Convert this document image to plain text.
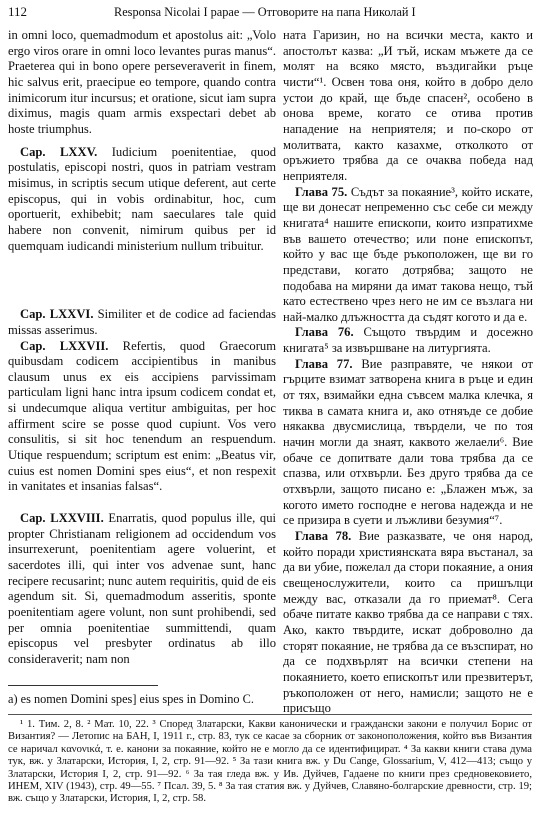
112	Responsa Nicolai I papae — Отговорите на папа Николай I

in omni loco, quemadmodum et apostolus ait: „Volo ergo viros orare in omni loco levantes puras manus“. Praeterea qui in bono opere perseveraverit in finem, hic salvus erit, praecipue eo tempore, quando contra inimicorum itur incursus; et oratione, sicut iam supra diximus, magis quam armis exspectari debet ab hoste triumphus.

Cap. LXXV. Iudicium poenitentiae, quod postulatis, episcopi nostri, quos in patriam vestram misimus, in scriptis secum utique deferent, aut certe episcopus, qui in vobis ordinabitur, hoc, cum oportuerit, exhibebit; nam saeculares tale quid habere non convenit, nimirum quibus per id quemquam iudicandi ministerium nullum tribuitur.

Cap. LXXVI. Similiter et de codice ad faciendas missas asserimus.

Cap. LXXVII. Refertis, quod Graecorum quibusdam codicem accipientibus in manibus clausum unus ex eis accipiens parvissimam particulam ligni hanc intra ipsum codicem condat et, si undecumque aliqua vertitur ambiguitas, per hoc affirment scire se posse quod cupiunt. Vos vero consulitis, si sit hoc tenendum an respuendum. Utique respuendum; scriptum est enim: „Beatus vir, cuius est nomen Domini spes eius“, et non respexit in vanitates et insanias falsas“.

Cap. LXXVIII. Enarratis, quod populus ille, qui propter Christianam religionem ad occidendum vos insurrexerunt, poenitentiam agere voluerint, et sacerdotes illi, qui inter vos advenae sunt, hanc recipere recusarint; nunc autem requiritis, quid de eis agendum sit. Si, quemadmodum asseritis, sponte poenitentiam agere volunt, non sunt prohibendi, sed per omnia poenitentiae summittendi, quam episcopus vel presbyter ordinatus ab illo consideraverit; nam non

ната Гаризин, но на всички места, както и апостолът казва: „И тъй, искам мъжете да се молят на всяко място, въздигайки ръце чисти“¹. Освен това оня, който в добро дело устои до край, ще бъде спасен², особено в онова време, когато се отива против нападение на неприятеля; и по-скоро от молитвата, както казахме, отколкото от оръжието трябва да се очаква победа над неприятеля.

Глава 75. Съдът за покаяние³, който искате, ще ви донесат непременно със себе си между книгата⁴ нашите епископи, които изпратихме във вашето отечество; или поне епископът, който у вас ще бъде ръкоположен, ще ви го представи, когато дотрябва; защото не подобава на миряни да имат такова нещо, тъй като естествено чрез него не им се възлага ни най-малко длъжността да съдят когото и да е.

Глава 76. Същото твърдим и досежно книгата⁵ за извършване на литургията.

Глава 77. Вие разправяте, че някои от гърците взимат затворена книга в ръце и един от тях, взимайки една съвсем малка клечка, я тиква в самата книга и, ако отняъде се добие някаква двусмислица, твърдели, че по тоя начин могли да знаят, каквото желаели⁶. Вие обаче се допитвате дали това трябва да се спазва, или отхвърли. Без друго трябва да се отхвърли, защото писано е: „Блажен мъж, за когото името господне е негова надежда и не се призира в суети и лъжливи безумия“⁷.

Глава 78. Вие разказвате, че оня народ, който поради християнската вяра въстанал, за да ви убие, пожелал да стори покаяние, а ония свещенослужители, които са пришълци между вас, отказали да го приемат⁸. Сега обаче питате какво трябва да се направи с тях. Ако, както твърдите, искат доброволно да сторят покаяние, не трябва да се възспират, но да се подхвърлят на всички степени на покаянието, което епископът или презвитерът, ръкоположен от него, намисли; защото не е присъщо

a) es nomen Domini spes] eius spes in Domino C.

¹ 1. Тим. 2, 8. ² Мат. 10, 22. ³ Според Златарски, Какви канонически и граждански закони е получил Борис от Византия? — Летопис на БАН, I, 1911 г., стр. 83, тук се касае за сборник от законоположения, който във Византия се наричал κανονικά, т. е. канони за покаяние, който не е могло да се идентифицират. ⁴ За какви книги става дума тук, вж. у Златарски, История, I, 2, стр. 91—92. ⁵ За тази книга вж. у Du Cange, Glossarium, V, 412—413; също у Златарски, История I, 2, стр. 91—92. ⁶ За тая гледа вж. у Ив. Дуйчев, Гадаене по книги през средновековието, ИНЕМ, XIV (1943), стр. 49—55. ⁷ Псал. 39, 5. ⁸ За тая статия вж. у Дуйчев, Славяно-болгарские древности, стр. 19; вж. също у Златарски, История, I, 2, стр. 58.
